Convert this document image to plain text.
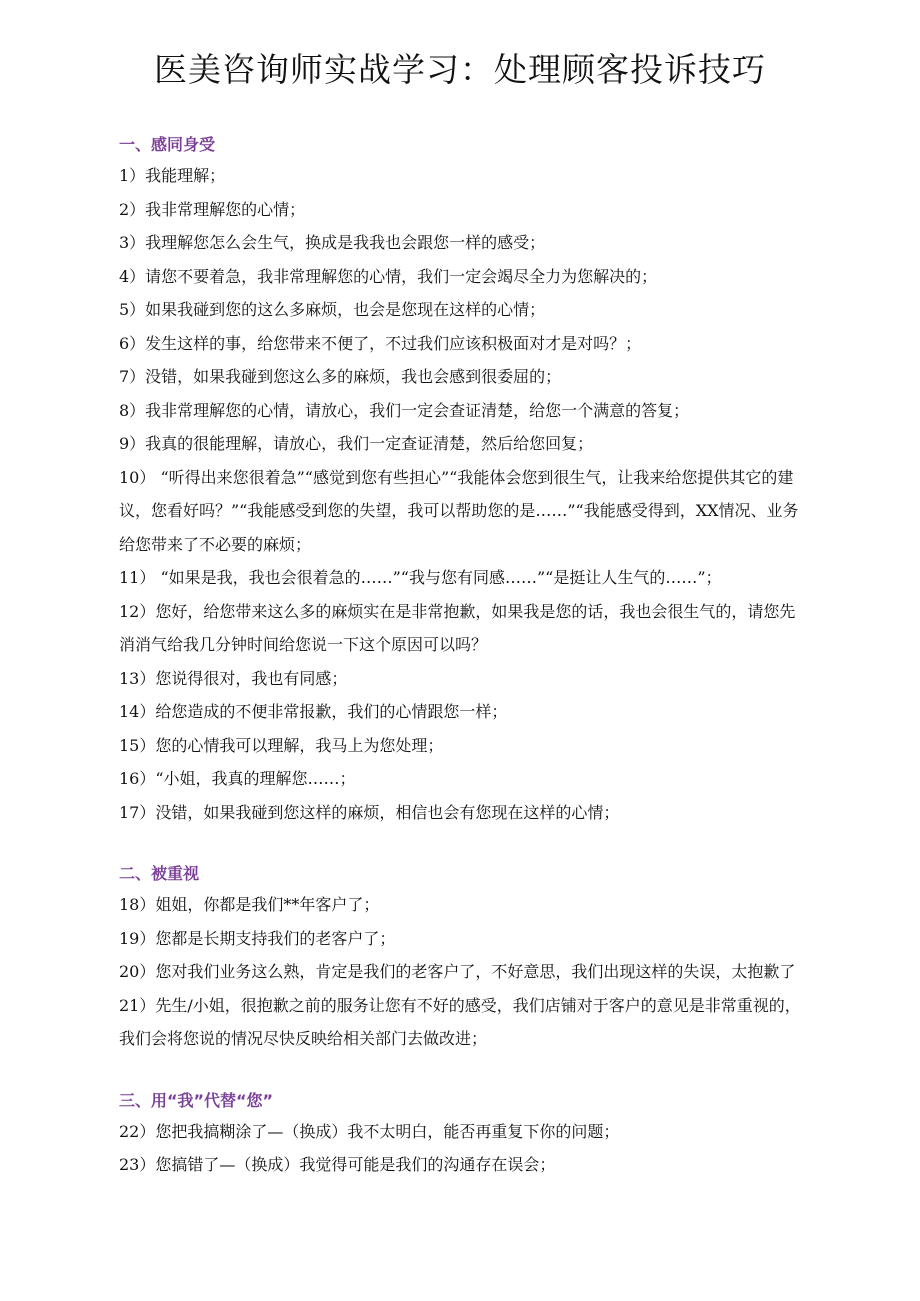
医美咨询师实战学习：处理顾客投诉技巧
一、感同身受

1）我能理解；

2）我非常理解您的心情；

3）我理解您怎么会生气，换成是我我也会跟您一样的感受；

4）请您不要着急，我非常理解您的心情，我们一定会竭尽全力为您解决的；

5）如果我碰到您的这么多麻烦，也会是您现在这样的心情；

6）发生这样的事，给您带来不便了，不过我们应该积极面对才是对吗？；

7）没错，如果我碰到您这么多的麻烦，我也会感到很委屈的；

8）我非常理解您的心情，请放心，我们一定会查证清楚，给您一个满意的答复；

9）我真的很能理解，请放心，我们一定查证清楚，然后给您回复；

10） “听得出来您很着急”“感觉到您有些担心”“我能体会您到很生气，让我来给您提供其它的建议，您看好吗？”“我能感受到您的失望，我可以帮助您的是……”“我能感受得到，XX情况、业务给您带来了不必要的麻烦；

11） “如果是我，我也会很着急的……”“我与您有同感……”“是挺让人生气的……”；

12）您好，给您带来这么多的麻烦实在是非常抱歉，如果我是您的话，我也会很生气的，请您先消消气给我几分钟时间给您说一下这个原因可以吗？

13）您说得很对，我也有同感；

14）给您造成的不便非常报歉，我们的心情跟您一样；

15）您的心情我可以理解，我马上为您处理；

16）“小姐，我真的理解您……；

17）没错，如果我碰到您这样的麻烦，相信也会有您现在这样的心情；

二、被重视

18）姐姐，你都是我们**年客户了；

19）您都是长期支持我们的老客户了；

20）您对我们业务这么熟，肯定是我们的老客户了，不好意思，我们出现这样的失误，太抱歉了

21）先生/小姐，很抱歉之前的服务让您有不好的感受，我们店铺对于客户的意见是非常重视的，我们会将您说的情况尽快反映给相关部门去做改进；

三、用“我”代替“您”

22）您把我搞糊涂了—（换成）我不太明白，能否再重复下你的问题；

23）您搞错了—（换成）我觉得可能是我们的沟通存在误会；
